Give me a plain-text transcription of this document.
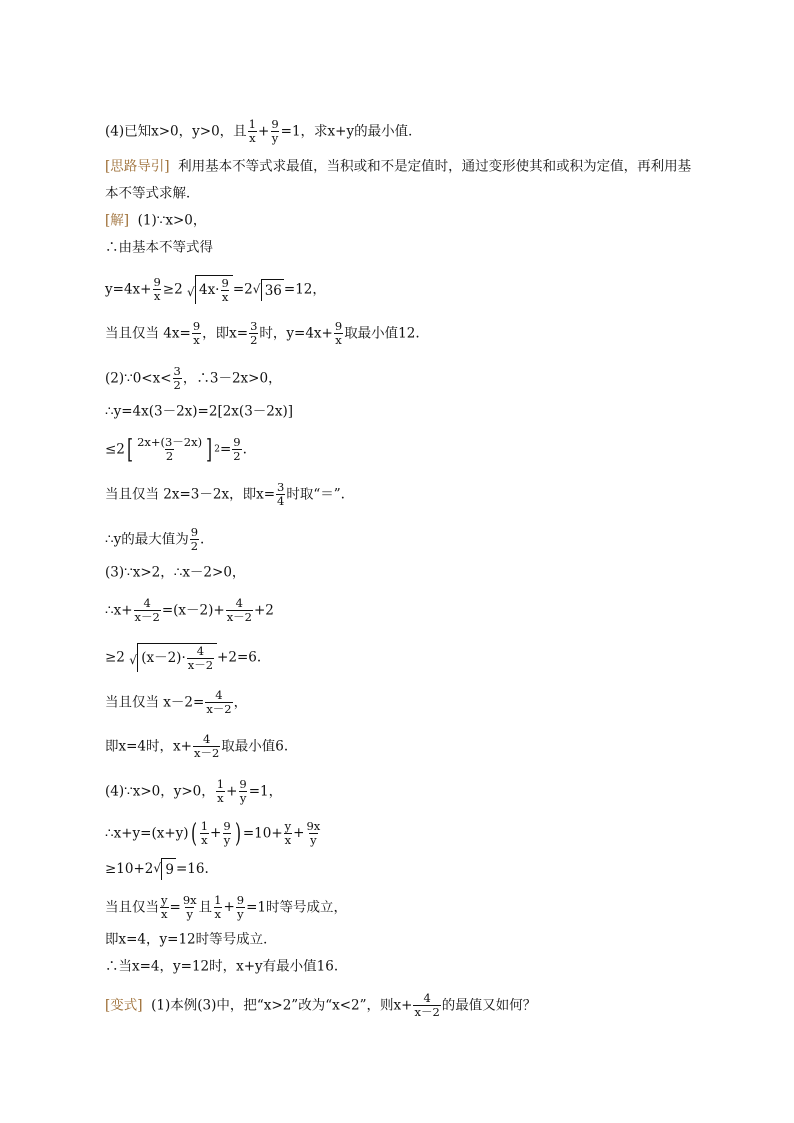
(4)已知x>0，y>0，且 $\frac{1}{x} + \frac{9}{y} =1$，求x+y的最小值．
[思路导引] 利用基本不等式求最值，当积或和不是定值时，通过变形使其和或积为定值，再利用基
本不等式求解．
[解] (1)∵x>0，
∴由基本不等式得
$y=4x+ \frac{9}{x} \ge 2$ √ $4x\cdot \frac{9}{x} =2$ √ 36 =12，
当且仅当 $4x= \frac{9}{x}$ ，即$x= \frac{3}{2}$ 时，$y=4x+ \frac{9}{x}$ 取最小值12.
(2)∵0<x< $\frac{3}{2}$ ，∴3－2x>0，
∴y=4x(3－2x)=2[2x(3－2x)]
$\le 2[ \frac{2x+(3-2x)}{2}$ ] $2= \frac{9}{2}$ .
当且仅当 2x=3－2x，即$x= \frac{3}{4}$ 时取“＝”.
∴y的最大值为 $\frac{9}{2}$ .
(3)∵x>2，∴x－2>0，
∴x+ $\frac{4}{x-2} =(x-2)+ \frac{4}{x-2} +2$
≥2 √ $(x-2)\cdot \frac{4}{x-2} +2=6$.
当且仅当 $x-2= \frac{4}{x-2}$ ，
即x=4时，$x+ \frac{4}{x-2}$ 取最小值6.
(4)∵x>0，y>0， $\frac{1}{x} + \frac{9}{y} =1$，
∴x+y=(x+y)( $\frac{1}{x} + \frac{9}{y}$ ) $=10+ \frac{y}{x} + \frac{9x}{y}$
≥10+2 √ 9 =16.
当且仅当 $\frac{y}{x} = \frac{9x}{y}$ 且 $\frac{1}{x} + \frac{9}{y} =1$时等号成立，
即x=4，y=12时等号成立．
∴当x=4，y=12时，x+y有最小值16.
[变式] (1)本例(3)中，把“x>2”改为“x<2”，则$x+ \frac{4}{x-2}$ 的最值又如何？
